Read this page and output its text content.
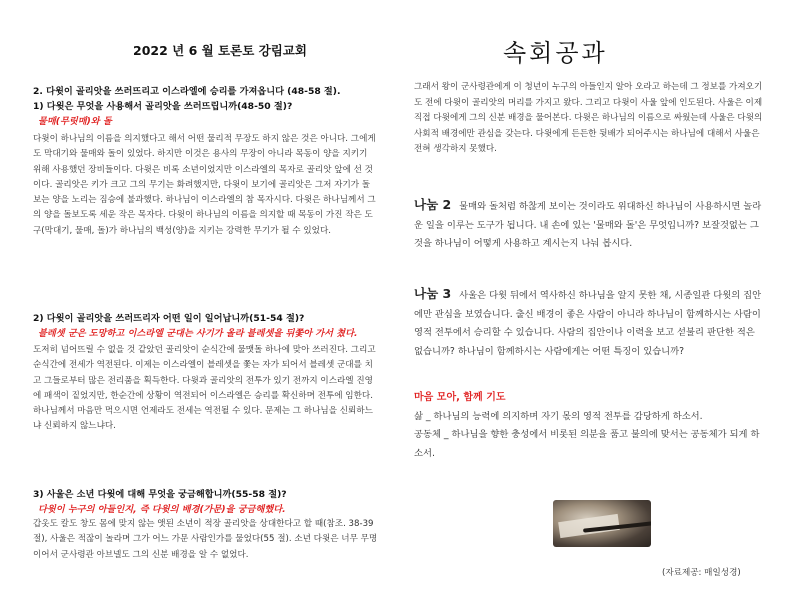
2022 년 6 월 토론토 강림교회	속회공과
2. 다윗이 골리앗을 쓰러뜨리고 이스라엘에 승리를 가져옵니다 (48-58 절).
1) 다윗은 무엇을 사용해서 골리앗을 쓰러뜨립니까(48-50 절)?
물매(무릿매)와 돌
다윗이 하나님의 이름을 의지했다고 해서 어떤 물리적 무장도 하지 않은 것은 아니다. 그에게도 막대기와 물매와 돌이 있었다. 하지만 이것은 용사의 무장이 아니라 목동이 양을 지키기 위해 사용했던 장비들이다. 다윗은 비록 소년이었지만 이스라엘의 목자로 골리앗 앞에 선 것이다. 골리앗은 키가 크고 그의 무기는 화려했지만, 다윗이 보기에 골리앗은 그저 자기가 돌보는 양을 노리는 짐승에 불과했다. 하나님이 이스라엘의 참 목자시다. 다윗은 하나님께서 그의 양을 돌보도록 세운 작은 목자다. 다윗이 하나님의 이름을 의지할 때 목동이 가진 작은 도구(막대기, 물매, 돌)가 하나님의 백성(양)을 지키는 강력한 무기가 될 수 있었다.
2) 다윗이 골리앗을 쓰러뜨리자 어떤 일이 일어납니까(51-54 절)?
블레셋 군은 도망하고 이스라엘 군대는 사기가 올라 블레셋을 뒤쫓아 가서 쳤다.
도저히 넘어뜨릴 수 없을 것 같았던 골리앗이 순식간에 물맷돌 하나에 맞아 쓰러진다. 그리고 순식간에 전세가 역전된다. 이제는 이스라엘이 블레셋을 쫓는 자가 되어서 블레셋 군대를 치고 그들로부터 많은 전리품을 획득한다. 다윗과 골리앗의 전투가 있기 전까지 이스라엘 진영에 패색이 짙었지만, 한순간에 상황이 역전되어 이스라엘은 승리를 확신하며 전투에 임한다. 하나님께서 마음만 먹으시면 언제라도 전세는 역전될 수 있다. 문제는 그 하나님을 신뢰하느냐 신뢰하지 않느냐다.
3) 사울은 소년 다윗에 대해 무엇을 궁금해합니까(55-58 절)?
다윗이 누구의 아들인지, 즉 다윗의 배경(가문)을 궁금해했다.
갑옷도 칼도 창도 몸에 맞지 않는 앳된 소년이 적장 골리앗을 상대한다고 할 때(참조. 38-39 절), 사울은 적잖이 놀라며 그가 어느 가문 사람인가를 물었다(55 절). 소년 다윗은 너무 무명이어서 군사령관 아브넬도 그의 신분 배경을 알 수 없었다.
그래서 왕이 군사령관에게 이 청년이 누구의 아들인지 알아 오라고 하는데 그 정보를 가져오기도 전에 다윗이 골리앗의 머리를 가지고 왔다. 그리고 다윗이 사울 앞에 인도된다. 사울은 이제 직접 다윗에게 그의 신분 배경을 물어본다. 다윗은 하나님의 이름으로 싸웠는데 사울은 다윗의 사회적 배경에만 관심을 갖는다. 다윗에게 든든한 뒷배가 되어주시는 하나님에 대해서 사울은 전혀 생각하지 못했다.
나눔 2 물매와 돌처럼 하찮게 보이는 것이라도 위대하신 하나님이 사용하시면 놀라운 일을 이루는 도구가 됩니다. 내 손에 있는 '물매와 돌'은 무엇입니까? 보잘것없는 그것을 하나님이 어떻게 사용하고 계시는지 나눠 봅시다.
나눔 3 사울은 다윗 뒤에서 역사하신 하나님을 알지 못한 채, 시종일관 다윗의 집안에만 관심을 보였습니다. 출신 배경이 좋은 사람이 아니라 하나님이 함께하시는 사람이 영적 전투에서 승리할 수 있습니다. 사람의 집안이나 이력을 보고 섣불리 판단한 적은 없습니까? 하나님이 함께하시는 사람에게는 어떤 특징이 있습니까?
마음 모아, 함께 기도
삶 _ 하나님의 능력에 의지하며 자기 몫의 영적 전투를 감당하게 하소서.
공동체 _ 하나님을 향한 충성에서 비롯된 의분을 품고 불의에 맞서는 공동체가 되게 하소서.
(자료제공: 매일성경)
